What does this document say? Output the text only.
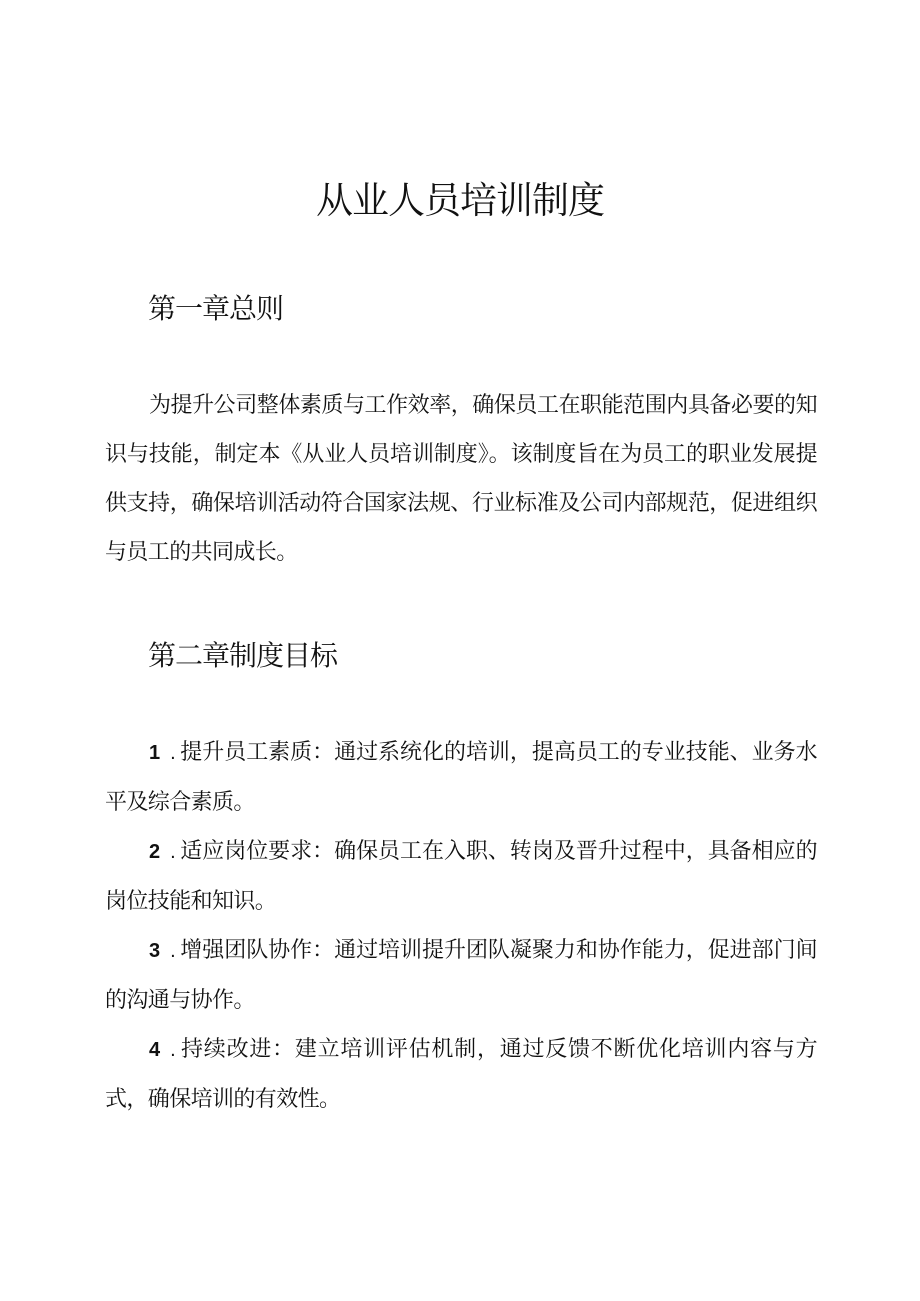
从业人员培训制度
第一章总则

为提升公司整体素质与工作效率，确保员工在职能范围内具备必要的知识与技能，制定本《从业人员培训制度》。该制度旨在为员工的职业发展提供支持，确保培训活动符合国家法规、行业标准及公司内部规范，促进组织与员工的共同成长。

第二章制度目标
1 . 提升员工素质：通过系统化的培训，提高员工的专业技能、业务水平及综合素质。
2 . 适应岗位要求：确保员工在入职、转岗及晋升过程中，具备相应的岗位技能和知识。
3 . 增强团队协作：通过培训提升团队凝聚力和协作能力，促进部门间的沟通与协作。
4 . 持续改进：建立培训评估机制，通过反馈不断优化培训内容与方式，确保培训的有效性。
